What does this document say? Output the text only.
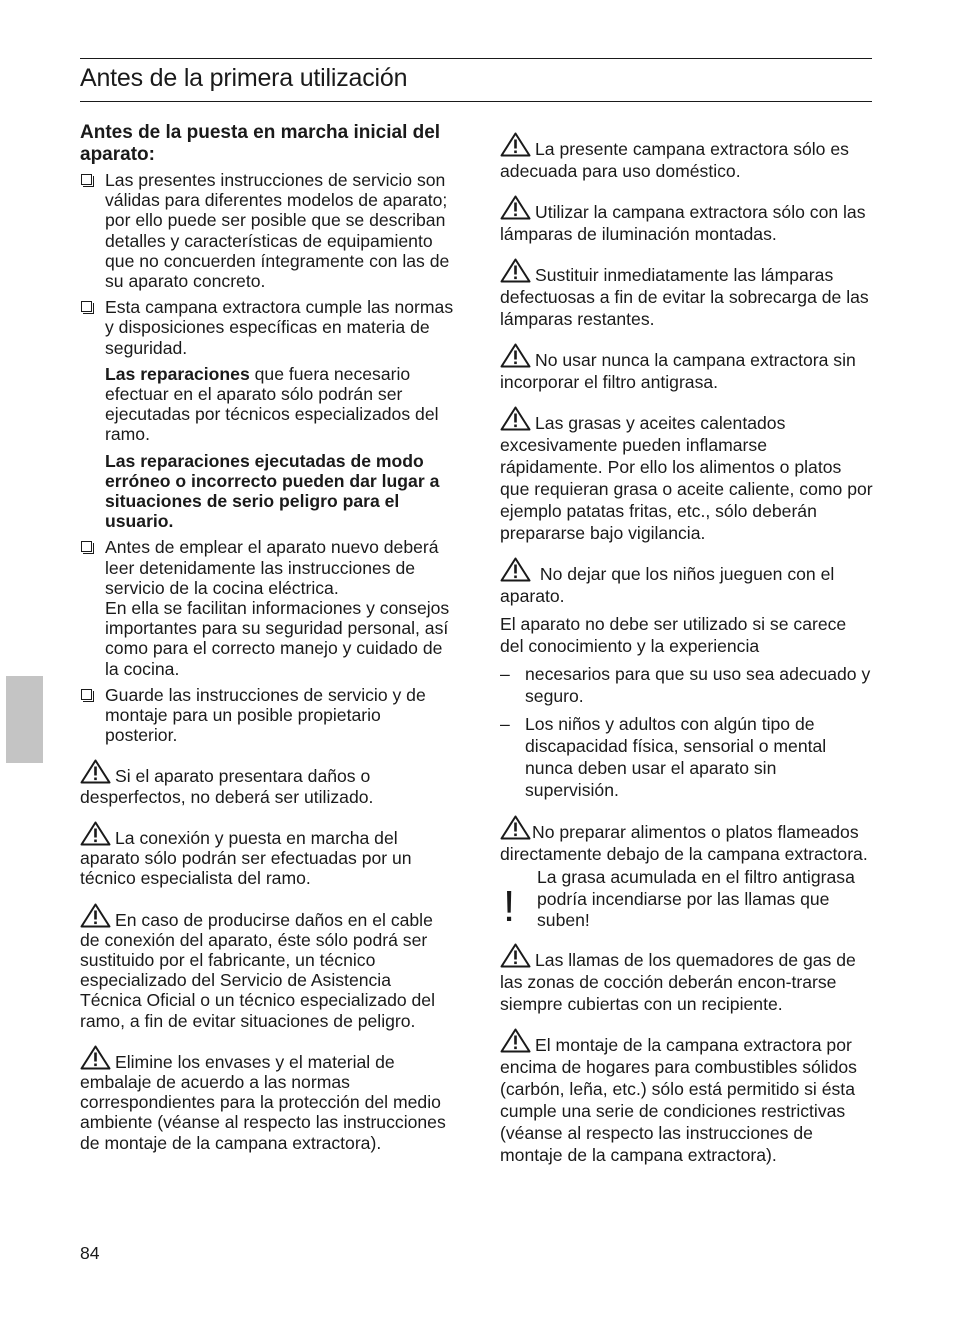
Antes de la primera utilización
Antes de la puesta en marcha inicial del aparato:
Las presentes instrucciones de servicio son válidas para diferentes modelos de aparato; por ello puede ser posible que se describan detalles y características de equipamiento que no concuerden íntegramente con las de su aparato concreto.
Esta campana extractora cumple las normas y disposiciones específicas en materia de seguridad.
Las reparaciones que fuera necesario efectuar en el aparato sólo podrán ser ejecutadas por técnicos especializados del ramo.
Las reparaciones ejecutadas de modo erróneo o incorrecto pueden dar lugar a situaciones de serio peligro para el usuario.
Antes de emplear el aparato nuevo deberá leer detenidamente las instrucciones de servicio de la cocina eléctrica.
En ella se facilitan informaciones y consejos importantes para su seguridad personal, así como para el correcto manejo y cuidado de la cocina.
Guarde las instrucciones de servicio y de montaje para un posible propietario posterior.
Si el aparato presentara daños o desperfectos, no deberá ser utilizado.
La conexión y puesta en marcha del aparato sólo podrán ser efectuadas por un técnico especialista del ramo.
En caso de producirse daños en el cable de conexión del aparato, éste sólo podrá ser sustituido por el fabricante, un técnico especializado del Servicio de Asistencia Técnica Oficial o un técnico especializado del ramo, a fin de evitar situaciones de peligro.
Elimine los envases y el material de embalaje de acuerdo a las normas correspondientes para la protección del medio ambiente (véanse al respecto las instrucciones de montaje de la campana extractora).
La presente campana extractora sólo es adecuada para uso doméstico.
Utilizar la campana extractora sólo con las lámparas de iluminación montadas.
Sustituir inmediatamente las lámparas defectuosas a fin de evitar la sobrecarga de las lámparas restantes.
No usar nunca la campana extractora sin incorporar el filtro antigrasa.
Las grasas y aceites calentados excesivamente pueden inflamarse rápidamente. Por ello los alimentos o platos que requieran grasa o aceite caliente, como por ejemplo patatas fritas, etc., sólo deberán prepararse bajo vigilancia.
No dejar que los niños jueguen con el aparato.
El aparato no debe ser utilizado si se carece del conocimiento y la experiencia
– necesarios para que su uso sea adecuado y seguro.
– Los niños y adultos con algún tipo de discapacidad física, sensorial o mental nunca deben usar el aparato sin supervisión.
No preparar alimentos o platos flameados directamente debajo de la campana extractora.
!
La grasa acumulada en el filtro antigrasa podría incendiarse por las llamas que suben!
Las llamas de los quemadores de gas de las zonas de cocción deberán encon-trarse siempre cubiertas con un recipiente.
El montaje de la campana extractora por encima de hogares para combustibles sólidos (carbón, leña, etc.) sólo está permitido si ésta cumple una serie de condiciones restrictivas (véanse al respecto las instrucciones de montaje de la campana extractora).
84
